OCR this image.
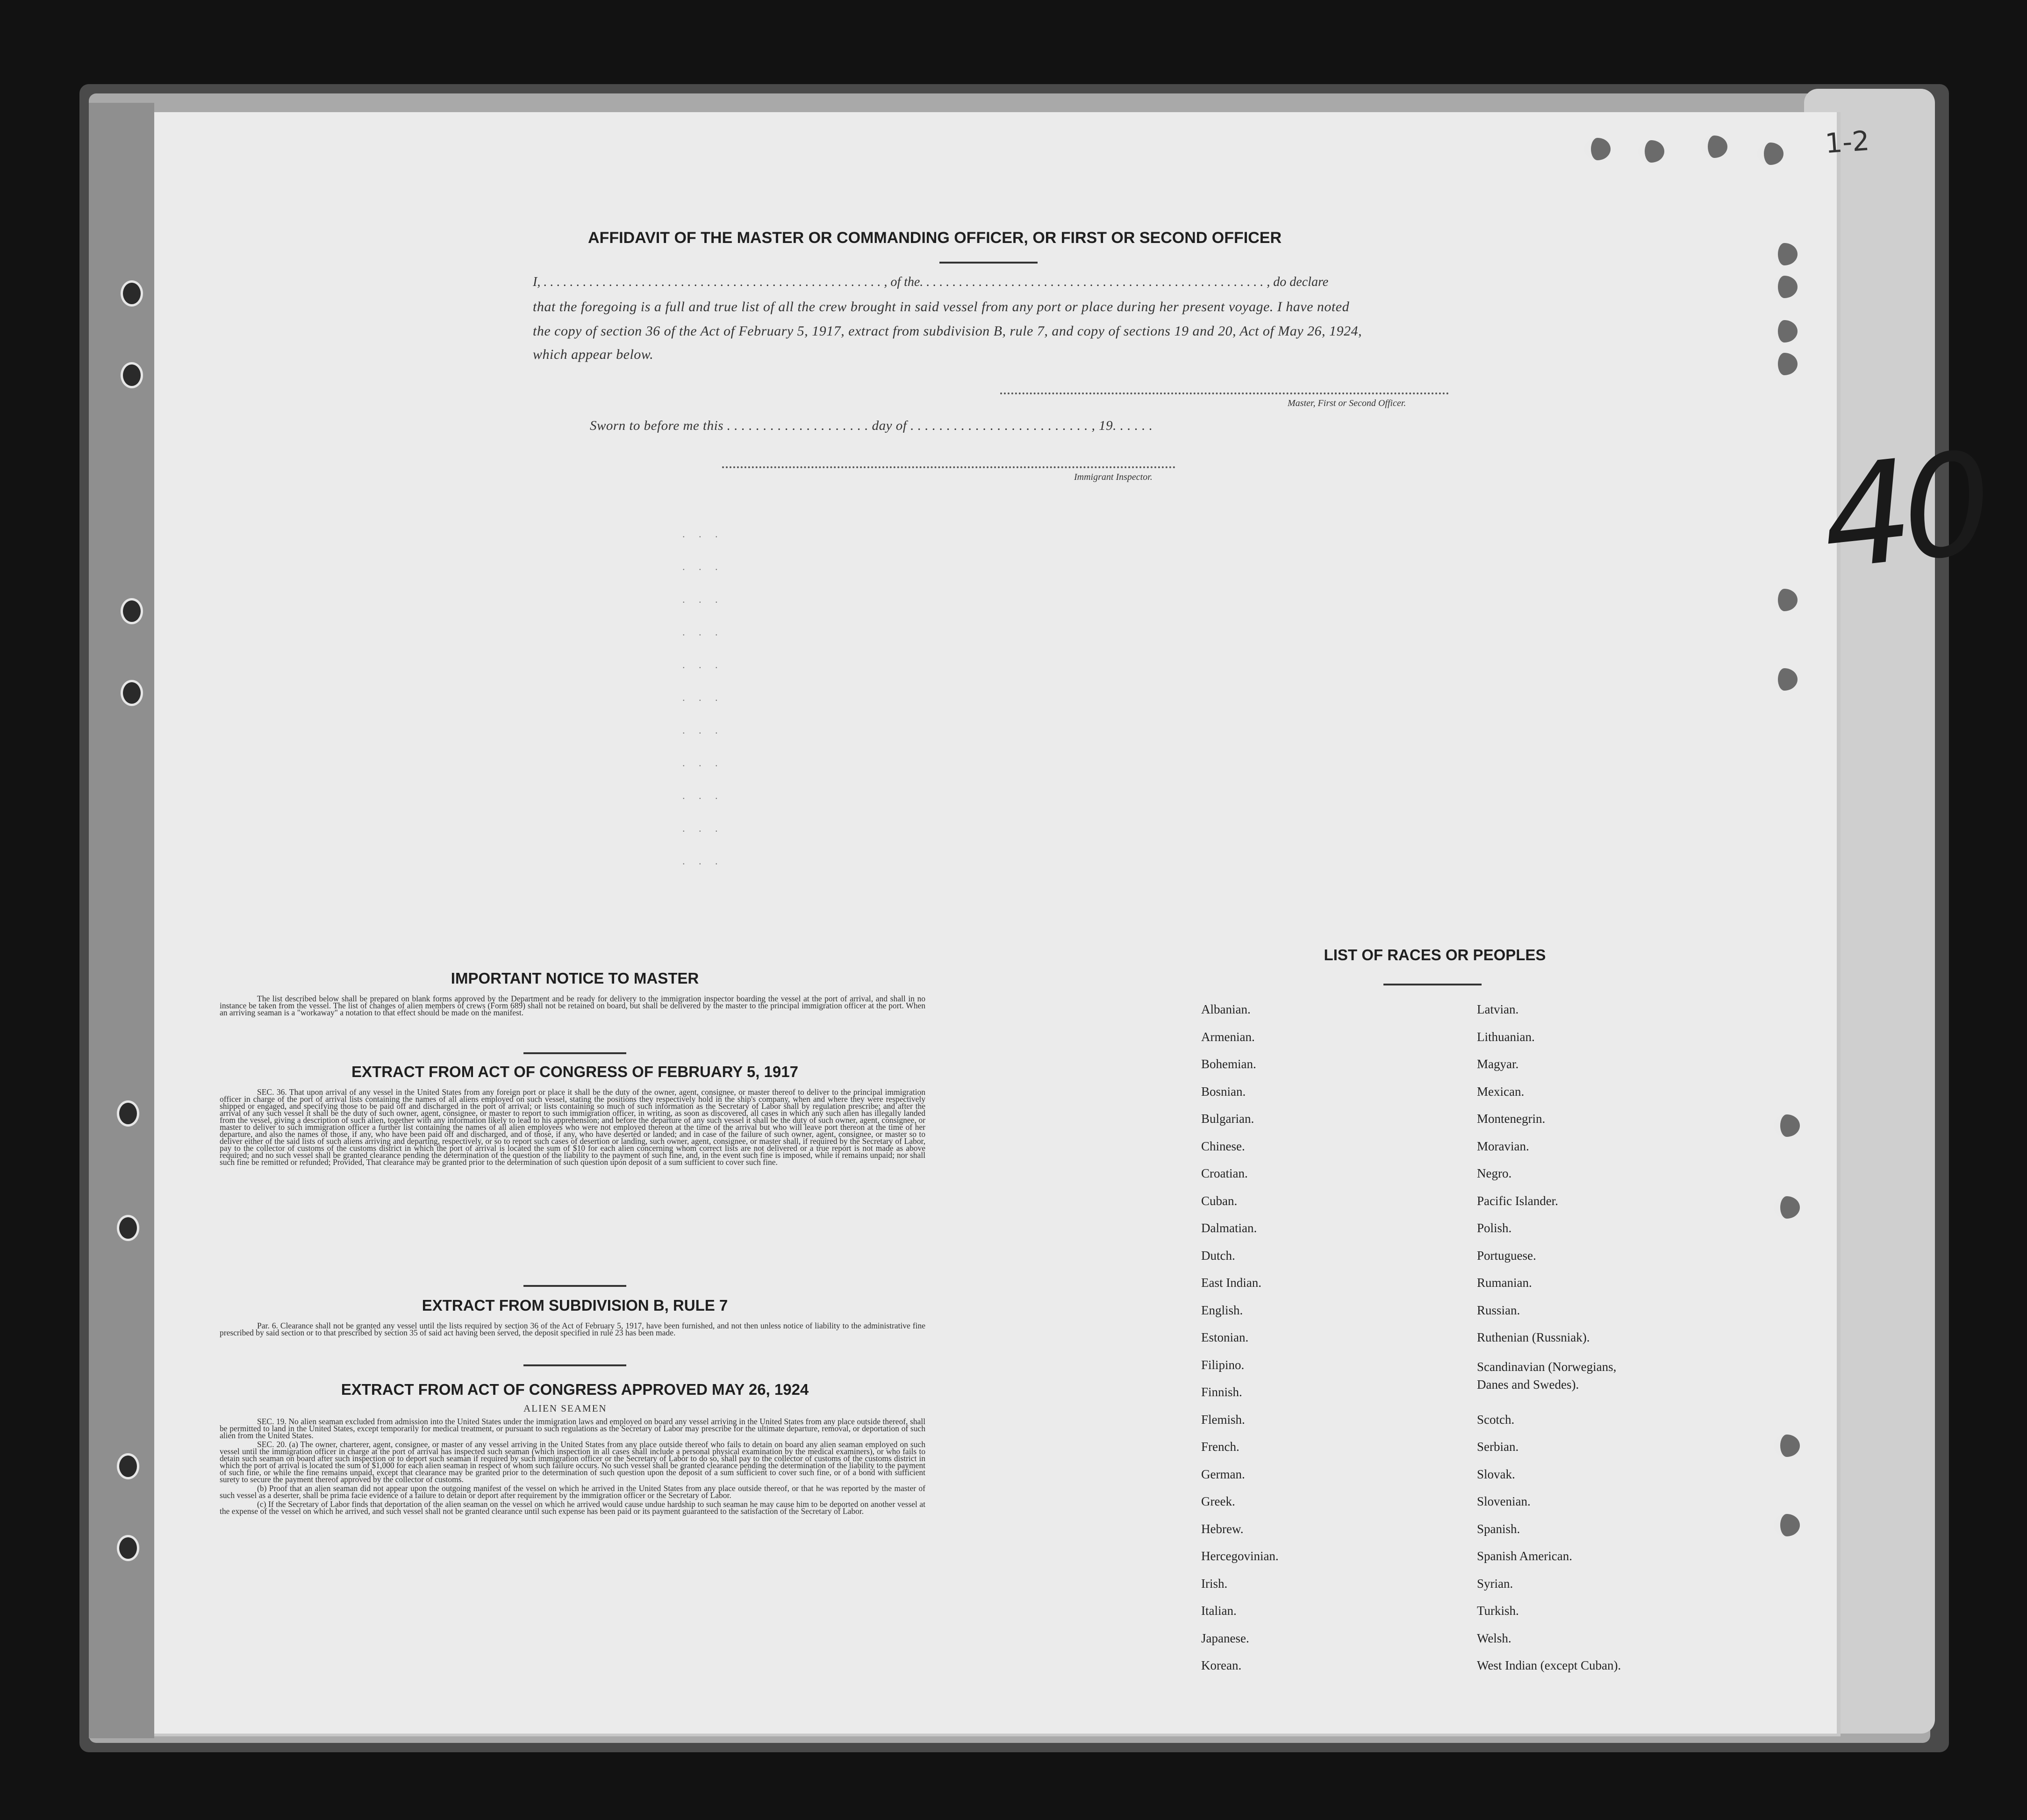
1-2
40
AFFIDAVIT OF THE MASTER OR COMMANDING OFFICER, OR FIRST OR SECOND OFFICER
I, . . . . . . . . . . . . . . . . . . . . . . . . . . . . . . . . . . . . . . . . . . . . . . . . . . . . , of the. . . . . . . . . . . . . . . . . . . . . . . . . . . . . . . . . . . . . . . . . . . . . . . . . . . . . , do declare
that the foregoing is a full and true list of all the crew brought in said vessel from any port or place during her present voyage. I have noted
the copy of section 36 of the Act of February 5, 1917, extract from subdivision B, rule 7, and copy of sections 19 and 20, Act of May 26, 1924,
which appear below.
Master, First or Second Officer.
Sworn to before me this . . . . . . . . . . . . . . . . . . . . day of . . . . . . . . . . . . . . . . . . . . . . . . . , 19. . . . . .
Immigrant Inspector.
. . .
. . .
. . .
. . .
. . .
. . .
. . .
. . .
. . .
. . .
. . .
IMPORTANT NOTICE TO MASTER
The list described below shall be prepared on blank forms approved by the Department and be ready for delivery to the immigration inspector boarding the vessel at the port of arrival, and shall in no instance be taken from the vessel. The list of changes of alien members of crews (Form 689) shall not be retained on board, but shall be delivered by the master to the principal immigration officer at the port. When an arriving seaman is a "workaway" a notation to that effect should be made on the manifest.
EXTRACT FROM ACT OF CONGRESS OF FEBRUARY 5, 1917
SEC. 36. That upon arrival of any vessel in the United States from any foreign port or place it shall be the duty of the owner, agent, consignee, or master thereof to deliver to the principal immigration officer in charge of the port of arrival lists containing the names of all aliens employed on such vessel, stating the positions they respectively hold in the ship's company, when and where they were respectively shipped or engaged, and specifying those to be paid off and discharged in the port of arrival; or lists containing so much of such information as the Secretary of Labor shall by regulation prescribe; and after the arrival of any such vessel it shall be the duty of such owner, agent, consignee, or master to report to such immigration officer, in writing, as soon as discovered, all cases in which any such alien has illegally landed from the vessel, giving a description of such alien, together with any information likely to lead to his apprehension; and before the departure of any such vessel it shall be the duty of such owner, agent, consignee, or master to deliver to such immigration officer a further list containing the names of all alien employees who were not employed thereon at the time of the arrival but who will leave port thereon at the time of her departure, and also the names of those, if any, who have been paid off and discharged, and of those, if any, who have deserted or landed; and in case of the failure of such owner, agent, consignee, or master so to deliver either of the said lists of such aliens arriving and departing, respectively, or so to report such cases of desertion or landing, such owner, agent, consignee, or master shall, if required by the Secretary of Labor, pay to the collector of customs of the customs district in which the port of arrival is located the sum of $10 for each alien concerning whom correct lists are not delivered or a true report is not made as above required; and no such vessel shall be granted clearance pending the determination of the question of the liability to the payment of such fine, and, in the event such fine is imposed, while it remains unpaid; nor shall such fine be remitted or refunded; Provided, That clearance may be granted prior to the determination of such question upon deposit of a sum sufficient to cover such fine.
EXTRACT FROM SUBDIVISION B, RULE 7
Par. 6. Clearance shall not be granted any vessel until the lists required by section 36 of the Act of February 5, 1917, have been furnished, and not then unless notice of liability to the administrative fine prescribed by said section or to that prescribed by section 35 of said act having been served, the deposit specified in rule 23 has been made.
EXTRACT FROM ACT OF CONGRESS APPROVED MAY 26, 1924
ALIEN SEAMEN

SEC. 19. No alien seaman excluded from admission into the United States under the immigration laws and employed on board any vessel arriving in the United States from any place outside thereof, shall be permitted to land in the United States, except temporarily for medical treatment, or pursuant to such regulations as the Secretary of Labor may prescribe for the ultimate departure, removal, or deportation of such alien from the United States.

SEC. 20. (a) The owner, charterer, agent, consignee, or master of any vessel arriving in the United States from any place outside thereof who fails to detain on board any alien seaman employed on such vessel until the immigration officer in charge at the port of arrival has inspected such seaman (which inspection in all cases shall include a personal physical examination by the medical examiners), or who fails to detain such seaman on board after such inspection or to deport such seaman if required by such immigration officer or the Secretary of Labor to do so, shall pay to the collector of customs of the customs district in which the port of arrival is located the sum of $1,000 for each alien seaman in respect of whom such failure occurs. No such vessel shall be granted clearance pending the determination of the liability to the payment of such fine, or while the fine remains unpaid, except that clearance may be granted prior to the determination of such question upon the deposit of a sum sufficient to cover such fine, or of a bond with sufficient surety to secure the payment thereof approved by the collector of customs.

(b) Proof that an alien seaman did not appear upon the outgoing manifest of the vessel on which he arrived in the United States from any place outside thereof, or that he was reported by the master of such vessel as a deserter, shall be prima facie evidence of a failure to detain or deport after requirement by the immigration officer or the Secretary of Labor.

(c) If the Secretary of Labor finds that deportation of the alien seaman on the vessel on which he arrived would cause undue hardship to such seaman he may cause him to be deported on another vessel at the expense of the vessel on which he arrived, and such vessel shall not be granted clearance until such expense has been paid or its payment guaranteed to the satisfaction of the Secretary of Labor.

LIST OF RACES OR PEOPLES
Albanian.
Armenian.
Bohemian.
Bosnian.
Bulgarian.
Chinese.
Croatian.
Cuban.
Dalmatian.
Dutch.
East Indian.
English.
Estonian.
Filipino.
Finnish.
Flemish.
French.
German.
Greek.
Hebrew.
Hercegovinian.
Irish.
Italian.
Japanese.
Korean.
Latvian.
Lithuanian.
Magyar.
Mexican.
Montenegrin.
Moravian.
Negro.
Pacific Islander.
Polish.
Portuguese.
Rumanian.
Russian.
Ruthenian (Russniak).
Scandinavian (Norwegians, Danes and Swedes).
Scotch.
Serbian.
Slovak.
Slovenian.
Spanish.
Spanish American.
Syrian.
Turkish.
Welsh.
West Indian (except Cuban).
